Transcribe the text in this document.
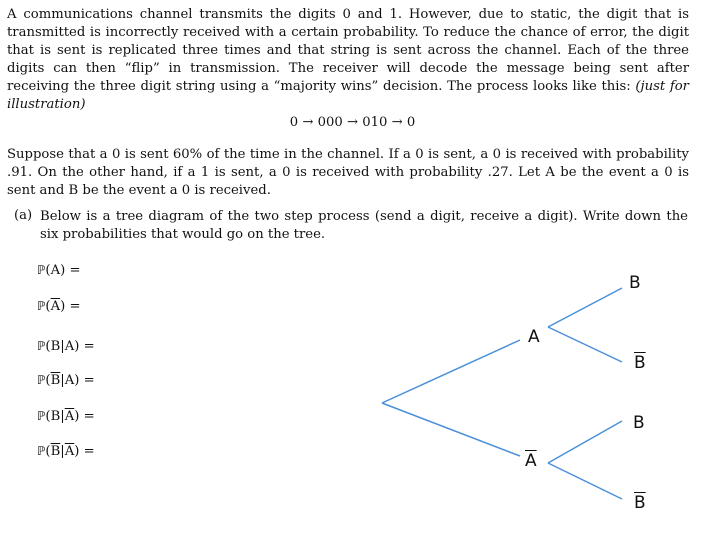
A communications channel transmits the digits 0 and 1. However, due to static, the digit that is transmitted is incorrectly received with a certain probability. To reduce the chance of error, the digit that is sent is replicated three times and that string is sent across the channel. Each of the three digits can then “flip” in transmission. The receiver will decode the message being sent after receiving the three digit string using a “majority wins” decision. The process looks like this: (just for illustration)

0 → 000 → 010 → 0

Suppose that a 0 is sent 60% of the time in the channel. If a 0 is sent, a 0 is received with probability .91. On the other hand, if a 1 is sent, a 0 is received with probability .27. Let A be the event a 0 is sent and B be the event a 0 is received.

(a) Below is a tree diagram of the two step process (send a digit, receive a digit). Write down the six probabilities that would go on the tree.

ℙ(A) =
$ℙ(\overline{A})$ =
ℙ(B|A) =
$ℙ(\overline{B}|A)$ =
$ℙ(B|\overline{A})$ =
$ℙ(\overline{B}|\overline{A})$ =
A
$\overline{A}$
B
$\overline{B}$
B
$\overline{B}$
